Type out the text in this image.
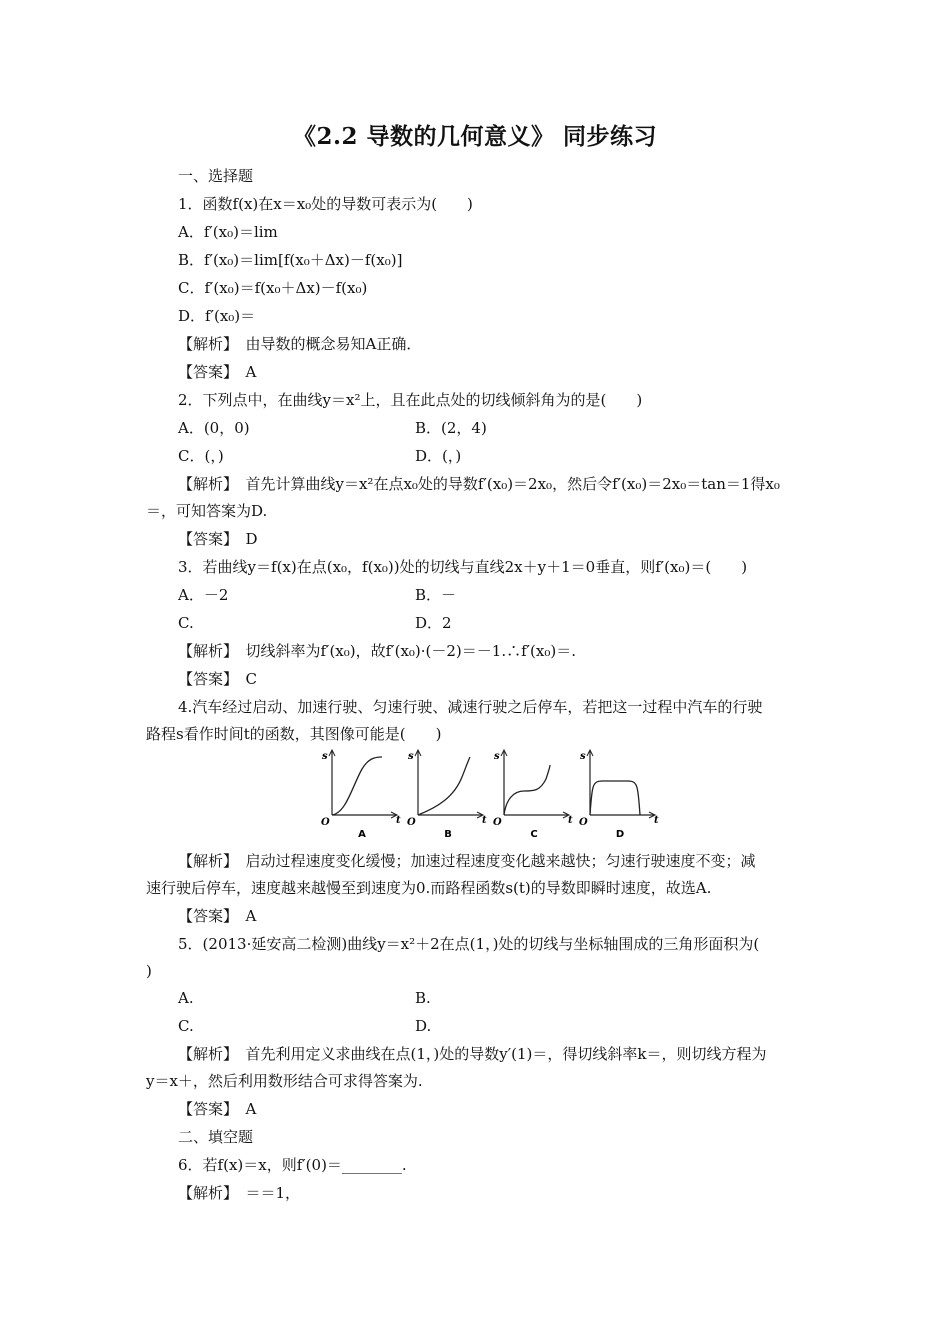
《2.2 导数的几何意义》 同步练习
一、选择题
1．函数f(x)在x＝x₀处的导数可表示为(　　)
A．f′(x₀)＝lim
B．f′(x₀)＝lim[f(x₀＋Δx)－f(x₀)]
C．f′(x₀)＝f(x₀＋Δx)－f(x₀)
D．f′(x₀)＝
【解析】　由导数的概念易知A正确．
【答案】　A
2．下列点中，在曲线y＝x²上，且在此点处的切线倾斜角为的是(　　)
A．(0，0)
C．(，)
【解析】　首先计算曲线y＝x²在点x₀处的导数f′(x₀)＝2x₀，然后令f′(x₀)＝2x₀＝tan＝1得x₀
＝，可知答案为D.
【答案】　D
3．若曲线y＝f(x)在点(x₀，f(x₀))处的切线与直线2x＋y＋1＝0垂直，则f′(x₀)＝(　　)
A．－2
C.
【解析】　切线斜率为f′(x₀)，故f′(x₀)·(－2)＝－1.∴f′(x₀)＝.
【答案】　C
4.汽车经过启动、加速行驶、匀速行驶、减速行驶之后停车，若把这一过程中汽车的行驶
路程s看作时间t的函数，其图像可能是(　　)
【解析】　启动过程速度变化缓慢；加速过程速度变化越来越快；匀速行驶速度不变；减
速行驶后停车，速度越来越慢至到速度为0.而路程函数s(t)的导数即瞬时速度，故选A.
【答案】　A
5．(2013·延安高二检测)曲线y＝x²＋2在点(1，)处的切线与坐标轴围成的三角形面积为(
)
A.
C.
【解析】　首先利用定义求曲线在点(1，)处的导数y′(1)＝，得切线斜率k＝，则切线方程为
y＝x＋，然后利用数形结合可求得答案为.
【答案】　A
二、填空题
6．若f(x)＝x，则f′(0)＝________.
【解析】　＝＝1，
B．(2，4)
D．(，)
B．－
D．2
B.
D.
s
t
O
A
s
t
O
B
s
t
O
C
s
t
O
D
